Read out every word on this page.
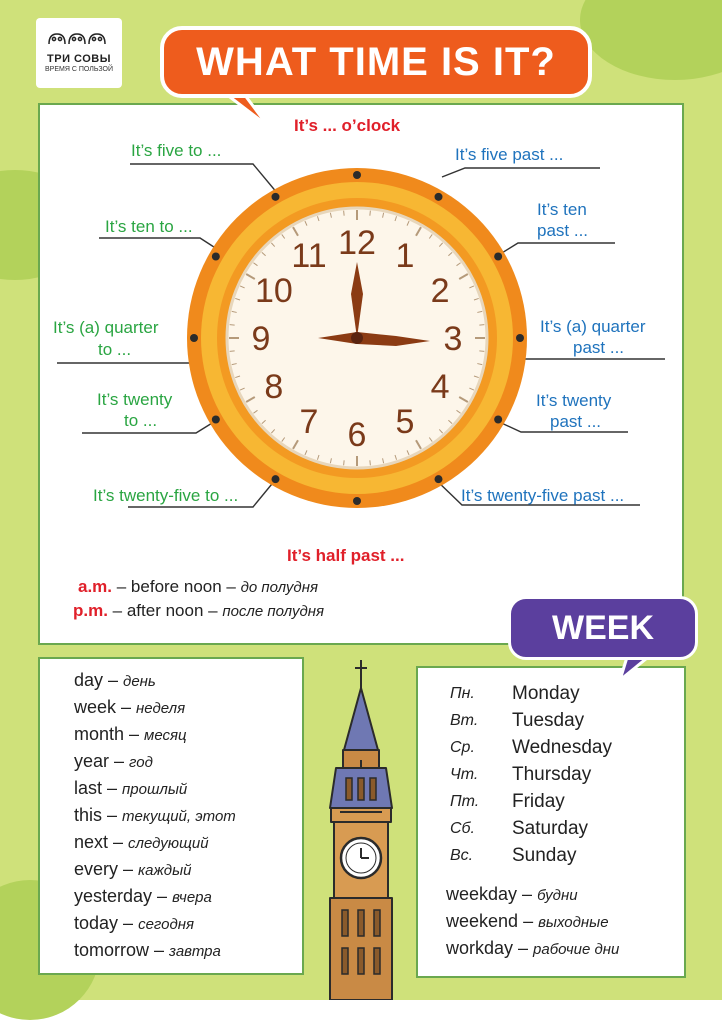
ТРИ СОВЫ
ВРЕМЯ С ПОЛЬЗОЙ	WHAT TIME IS IT?
12 1
2
3
4
5
6
7
8
9
10
11
It’s ... o’clock
It’s five past ...
It’s ten
past ...
It’s (a) quarter
past ...
It’s twenty
past ...
It’s twenty-five past ...
It’s half past ...
It’s twenty-five to ...
It’s twenty
to ...
It’s (a) quarter
to ...
It’s ten to ...
It’s five to ...
a.m. – before noon – до полудня
p.m. – after noon – после полудня
day – день
week – неделя
month – месяц
year – год
last – прошлый
this – текущий, этот
next – следующий
every – каждый
yesterday – вчера
today – сегодня
tomorrow – завтра
Пн. Monday
Вт. Tuesday
Ср. Wednesday
Чт. Thursday
Пт. Friday
Сб. Saturday
Вс. Sunday
weekday – будни
weekend – выходные
workday – рабочие дни
WEEK
